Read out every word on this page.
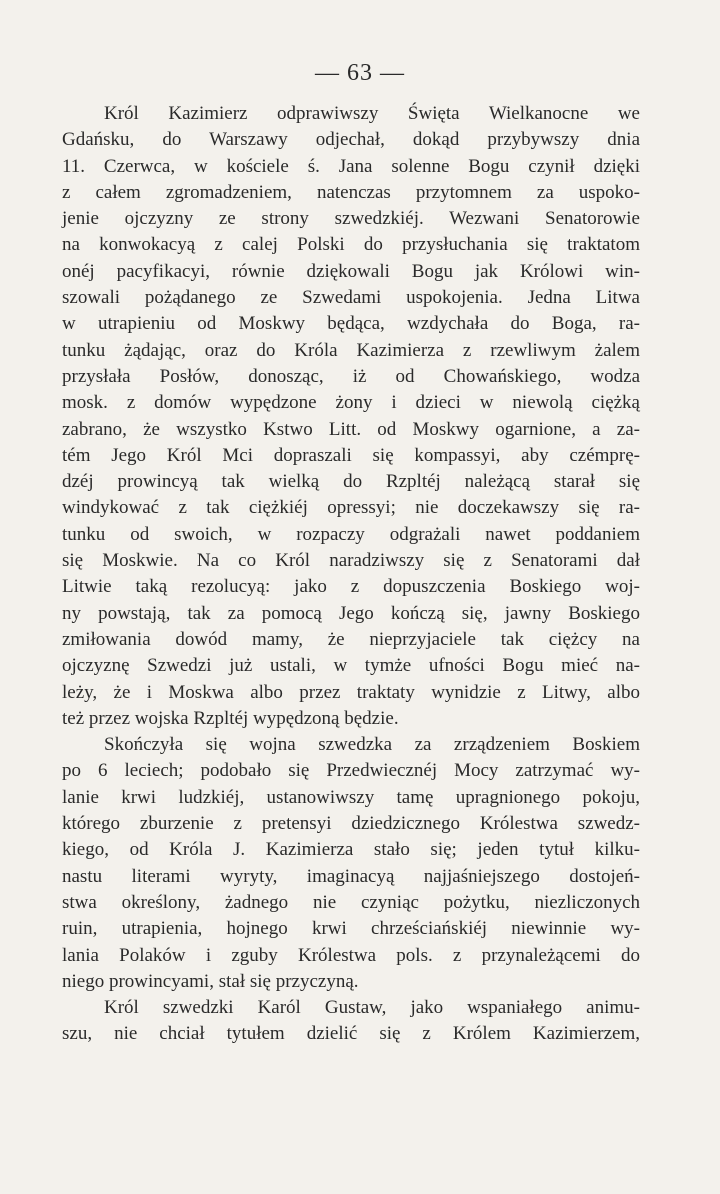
— 63 —
Król Kazimierz odprawiwszy Święta Wielkanocne we
Gdańsku, do Warszawy odjechał, dokąd przybywszy dnia
11. Czerwca, w kościele ś. Jana solenne Bogu czynił dzięki
z całem zgromadzeniem, natenczas przytomnem za uspoko-
jenie ojczyzny ze strony szwedzkiéj. Wezwani Senatorowie
na konwokacyą z calej Polski do przysłuchania się traktatom
onéj pacyfikacyi, równie dziękowali Bogu jak Królowi win-
szowali pożądanego ze Szwedami uspokojenia. Jedna Litwa
w utrapieniu od Moskwy będąca, wzdychała do Boga, ra-
tunku żądając, oraz do Króla Kazimierza z rzewliwym żalem
przysłała Posłów, donosząc, iż od Chowańskiego, wodza
mosk. z domów wypędzone żony i dzieci w niewolą ciężką
zabrano, że wszystko Kstwo Litt. od Moskwy ogarnione, a za-
tém Jego Król Mci dopraszali się kompassyi, aby czémprę-
dzéj prowincyą tak wielką do Rzpltéj należącą starał się
windykować z tak ciężkiéj opressyi; nie doczekawszy się ra-
tunku od swoich, w rozpaczy odgrażali nawet poddaniem
się Moskwie. Na co Król naradziwszy się z Senatorami dał
Litwie taką rezolucyą: jako z dopuszczenia Boskiego woj-
ny powstają, tak za pomocą Jego kończą się, jawny Boskiego
zmiłowania dowód mamy, że nieprzyjaciele tak ciężcy na
ojczyznę Szwedzi już ustali, w tymże ufności Bogu mieć na-
leży, że i Moskwa albo przez traktaty wynidzie z Litwy, albo
też przez wojska Rzpltéj wypędzoną będzie.
Skończyła się wojna szwedzka za zrządzeniem Boskiem
po 6 leciech; podobało się Przedwiecznéj Mocy zatrzymać wy-
lanie krwi ludzkiéj, ustanowiwszy tamę upragnionego pokoju,
którego zburzenie z pretensyi dziedzicznego Królestwa szwedz-
kiego, od Króla J. Kazimierza stało się; jeden tytuł kilku-
nastu literami wyryty, imaginacyą najjaśniejszego dostojeń-
stwa określony, żadnego nie czyniąc pożytku, niezliczonych
ruin, utrapienia, hojnego krwi chrześciańskiéj niewinnie wy-
lania Polaków i zguby Królestwa pols. z przynależącemi do
niego prowincyami, stał się przyczyną.
Król szwedzki Karól Gustaw, jako wspaniałego animu-
szu, nie chciał tytułem dzielić się z Królem Kazimierzem,
